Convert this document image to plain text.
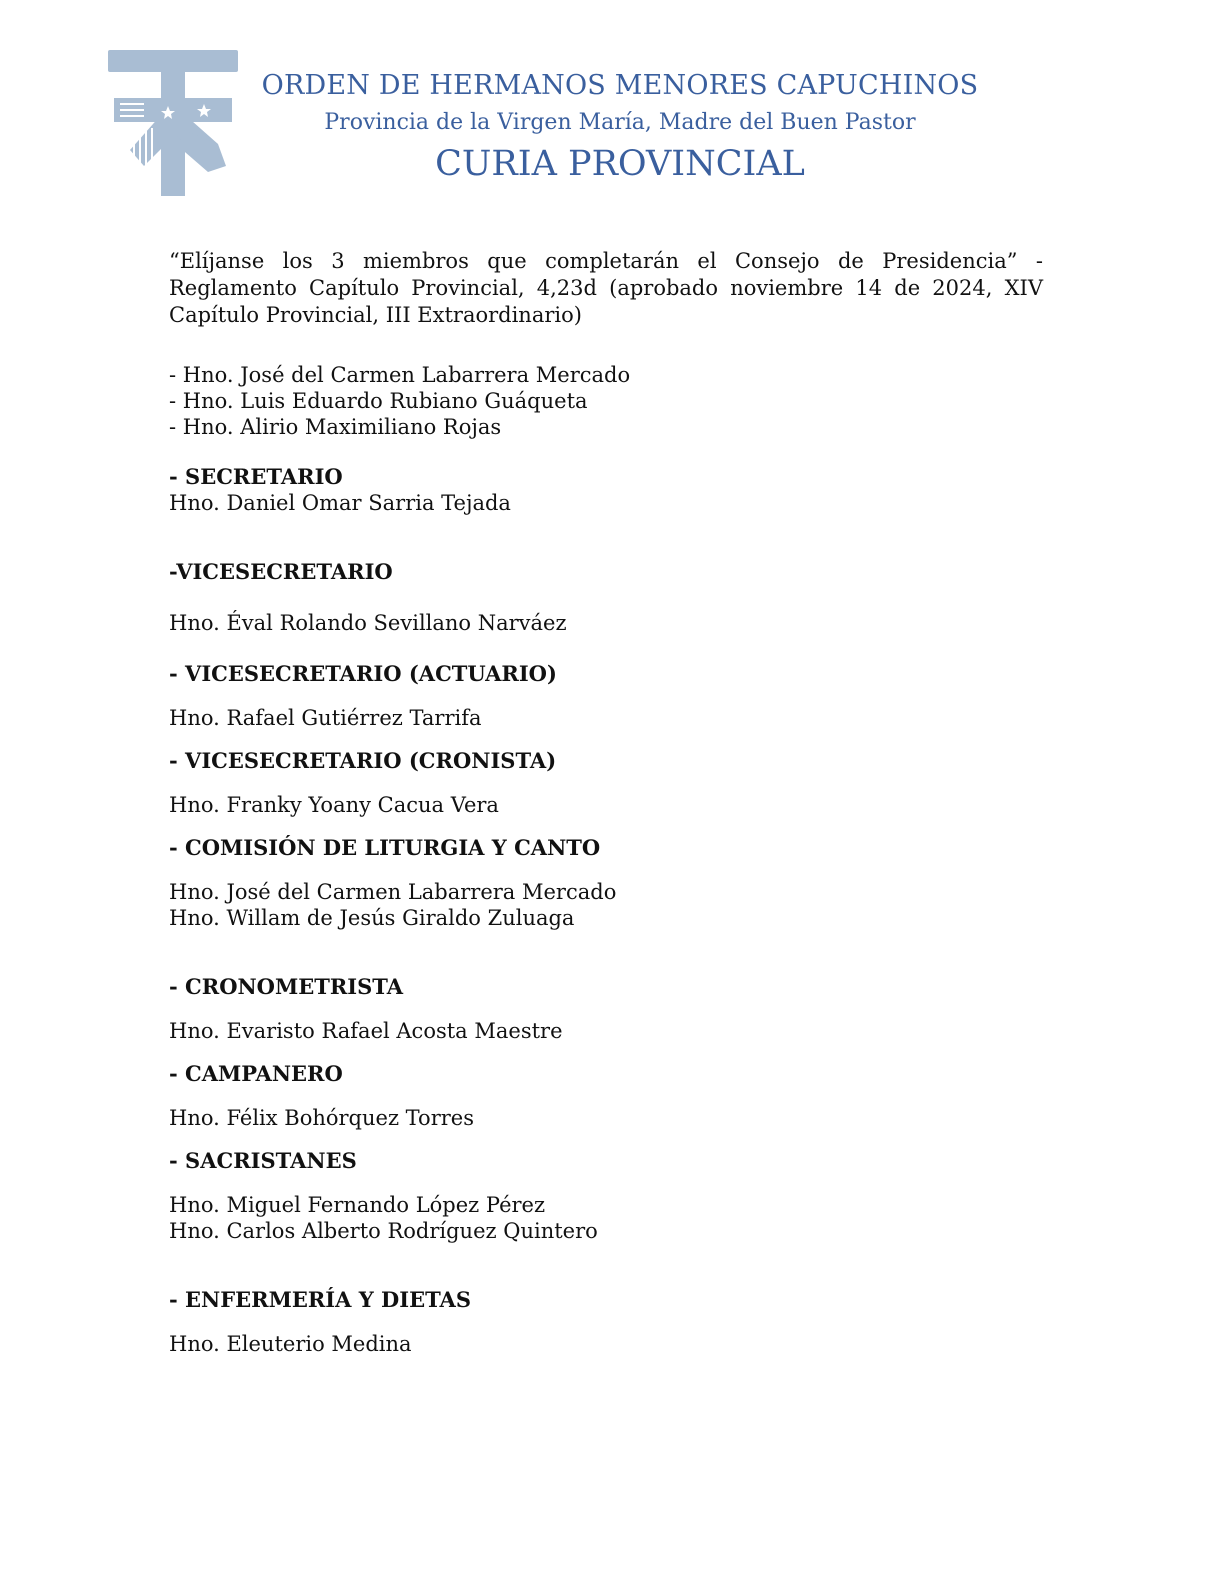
ORDEN DE HERMANOS MENORES CAPUCHINOS
Provincia de la Virgen María, Madre del Buen Pastor
CURIA PROVINCIAL
“Elíjanse los 3 miembros que completarán el Consejo de Presidencia” - Reglamento Capítulo Provincial, 4,23d (aprobado noviembre 14 de 2024, XIV Capítulo Provincial, III Extraordinario)
- Hno. José del Carmen Labarrera Mercado
- Hno. Luis Eduardo Rubiano Guáqueta
- Hno. Alirio Maximiliano Rojas
- SECRETARIO
Hno. Daniel Omar Sarria Tejada
-VICESECRETARIO
Hno. Éval Rolando Sevillano Narváez
- VICESECRETARIO (ACTUARIO)
Hno. Rafael Gutiérrez Tarrifa
- VICESECRETARIO (CRONISTA)
Hno. Franky Yoany Cacua Vera
- COMISIÓN DE LITURGIA Y CANTO
Hno. José del Carmen Labarrera Mercado
Hno. Willam de Jesús Giraldo Zuluaga
- CRONOMETRISTA
Hno. Evaristo Rafael Acosta Maestre
- CAMPANERO
Hno. Félix Bohórquez Torres
- SACRISTANES
Hno. Miguel Fernando López Pérez
Hno. Carlos Alberto Rodríguez Quintero
- ENFERMERÍA Y DIETAS
Hno. Eleuterio Medina
